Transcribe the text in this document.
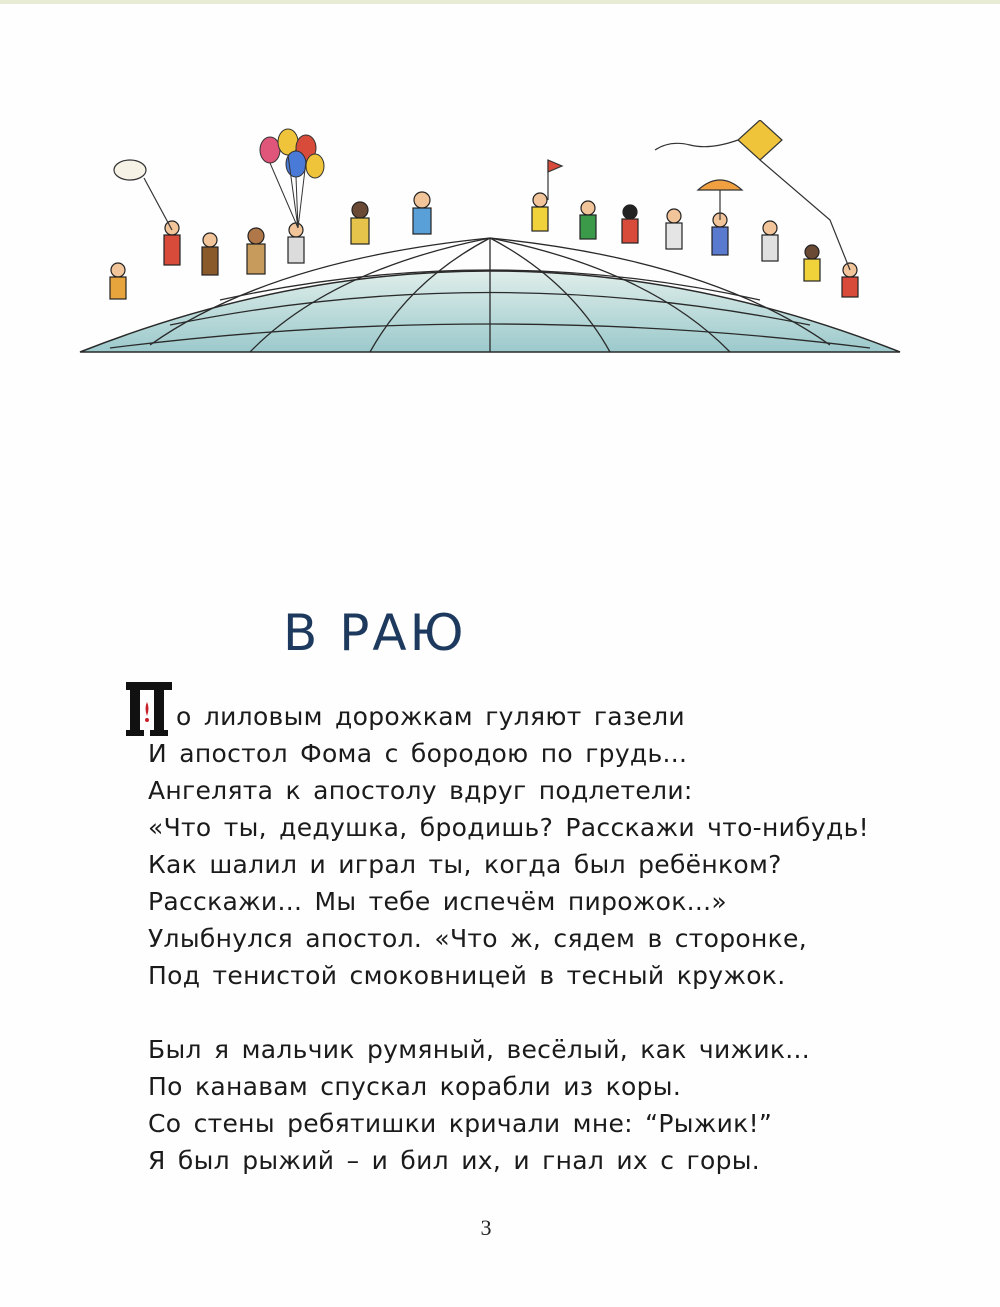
В РАЮ
о лиловым дорожкам гуляют газели
И апостол Фома с бородою по грудь...
Ангелята к апостолу вдруг подлетели:
«Что ты, дедушка, бродишь? Расскажи что-нибудь!
Как шалил и играл ты, когда был ребёнком?
Расскажи... Мы тебе испечём пирожок...»
Улыбнулся апостол. «Что ж, сядем в сторонке,
Под тенистой смоковницей в тесный кружок.
Был я мальчик румяный, весёлый, как чижик...
По канавам спускал корабли из коры.
Со стены ребятишки кричали мне: “Рыжик!”
Я был рыжий – и бил их, и гнал их с горы.
3
